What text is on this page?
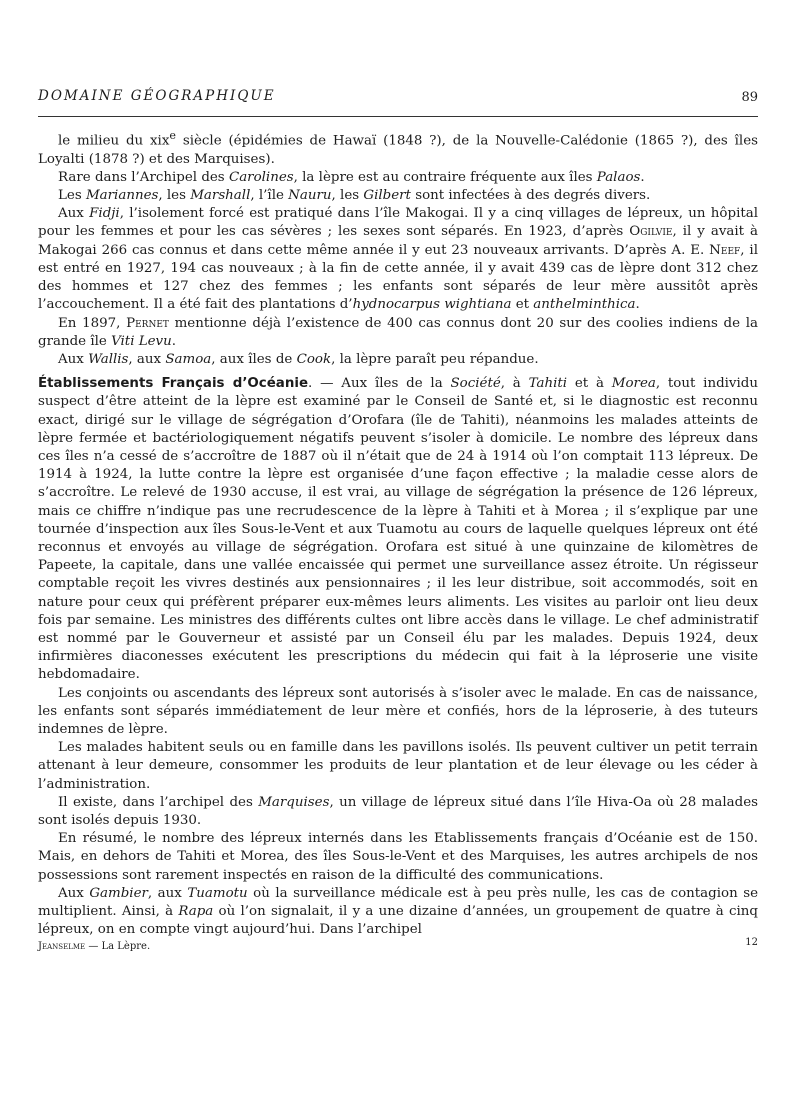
DOMAINE GÉOGRAPHIQUE	89

le milieu du xix$^e$ siècle (épidémies de Hawaï (1848 ?), de la Nouvelle-Calédonie (1865 ?), des îles Loyalti (1878 ?) et des Marquises).

Rare dans l’Archipel des Carolines, la lèpre est au contraire fréquente aux îles Palaos.

Les Mariannes, les Marshall, l’île Nauru, les Gilbert sont infectées à des degrés divers.

Aux Fidji, l’isolement forcé est pratiqué dans l’île Makogai. Il y a cinq villages de lépreux, un hôpital pour les femmes et pour les cas sévères ; les sexes sont séparés. En 1923, d’après Ogilvie, il y avait à Makogai 266 cas connus et dans cette même année il y eut 23 nouveaux arrivants. D’après A. E. Neef, il est entré en 1927, 194 cas nouveaux ; à la fin de cette année, il y avait 439 cas de lèpre dont 312 chez des hommes et 127 chez des femmes ; les enfants sont séparés de leur mère aussitôt après l’accouchement. Il a été fait des plantations d’hydnocarpus wightiana et anthelminthica.

En 1897, Pernet mentionne déjà l’existence de 400 cas connus dont 20 sur des coolies indiens de la grande île Viti Levu.

Aux Wallis, aux Samoa, aux îles de Cook, la lèpre paraît peu répandue.

Établissements Français d’Océanie. — Aux îles de la Société, à Tahiti et à Morea, tout individu suspect d’être atteint de la lèpre est examiné par le Conseil de Santé et, si le diagnostic est reconnu exact, dirigé sur le village de ségrégation d’Orofara (île de Tahiti), néanmoins les malades atteints de lèpre fermée et bactériologiquement négatifs peuvent s’isoler à domicile. Le nombre des lépreux dans ces îles n’a cessé de s’accroître de 1887 où il n’était que de 24 à 1914 où l’on comptait 113 lépreux. De 1914 à 1924, la lutte contre la lèpre est organisée d’une façon effective ; la maladie cesse alors de s’accroître. Le relevé de 1930 accuse, il est vrai, au village de ségrégation la présence de 126 lépreux, mais ce chiffre n’indique pas une recrudescence de la lèpre à Tahiti et à Morea ; il s’explique par une tournée d’inspection aux îles Sous-le-Vent et aux Tuamotu au cours de laquelle quelques lépreux ont été reconnus et envoyés au village de ségrégation. Orofara est situé à une quinzaine de kilomètres de Papeete, la capitale, dans une vallée encaissée qui permet une surveillance assez étroite. Un régisseur comptable reçoit les vivres destinés aux pensionnaires ; il les leur distribue, soit accommodés, soit en nature pour ceux qui préfèrent préparer eux-mêmes leurs aliments. Les visites au parloir ont lieu deux fois par semaine. Les ministres des différents cultes ont libre accès dans le village. Le chef administratif est nommé par le Gouverneur et assisté par un Conseil élu par les malades. Depuis 1924, deux infirmières diaconesses exécutent les prescriptions du médecin qui fait à la léproserie une visite hebdomadaire.

Les conjoints ou ascendants des lépreux sont autorisés à s’isoler avec le malade. En cas de naissance, les enfants sont séparés immédiatement de leur mère et confiés, hors de la léproserie, à des tuteurs indemnes de lèpre.

Les malades habitent seuls ou en famille dans les pavillons isolés. Ils peuvent cultiver un petit terrain attenant à leur demeure, consommer les produits de leur plantation et de leur élevage ou les céder à l’administration.

Il existe, dans l’archipel des Marquises, un village de lépreux situé dans l’île Hiva-Oa où 28 malades sont isolés depuis 1930.

En résumé, le nombre des lépreux internés dans les Etablissements français d’Océanie est de 150. Mais, en dehors de Tahiti et Morea, des îles Sous-le-Vent et des Marquises, les autres archipels de nos possessions sont rarement inspectés en raison de la difficulté des communications.

Aux Gambier, aux Tuamotu où la surveillance médicale est à peu près nulle, les cas de contagion se multiplient. Ainsi, à Rapa où l’on signalait, il y a une dizaine d’années, un groupement de quatre à cinq lépreux, on en compte vingt aujourd’hui. Dans l’archipel

Jeanselme — La Lèpre.	12
